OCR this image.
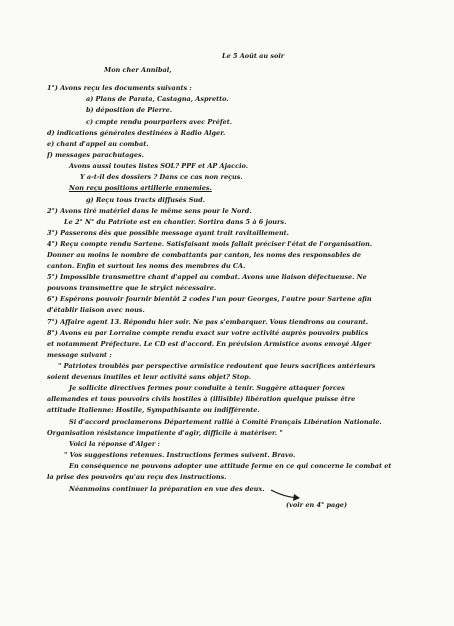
Le 5 Août au soir
Mon cher Annibal,
1°) Avons reçu les documents suivants :
a) Plans de Parata, Castagna, Aspretto.
b) déposition de Pierre.
c) cmpte rendu pourparlers avec Préfet.
d) indications générales destinées à Radio Alger.
e) chant d'appel au combat.
f) messages parachutages.
Avons aussi toutes listes SOL? PPF et AP Ajaccio.
Y a-t-il des dossiers ? Dans ce cas non reçus.
Non reçu positions artillerie ennemies.
g) Reçu tous tracts diffusés Sud.
2°) Avons tiré matériel dans le même sens pour le Nord.
Le 2° N° du Patriote est en chantier. Sortira dans 5 à 6 jours.
3°) Passerons dès que possible message ayant trait ravitaillement.
4°) Reçu compte rendu Sartene. Satisfaisant mois fallait préciser l'état de l'organisation.
Donner au moins le nombre de combattants par canton, les noms des responsables de
canton. Enfin et surtout les noms des membres du CA.
5°) Impossible transmettre chant d'appel au combat. Avons une liaison défectueuse. Ne
pouvons transmettre que le stryict nécessaire.
6°) Espérons pouvoir fournir bientôt 2 codes l'un pour Georges, l'autre pour Sartene afin
d'établir liaison avec nous.
7°) Affaire agent 13. Répondu hier soir. Ne pas s'embarquer. Vous tiendrons au courant.
8°) Avons eu par Lorraine compte rendu exact sur votre activité auprès pouvoirs publics
et notamment Préfecture. Le CD est d'accord. En prévision Armistice avons envoyé Alger
message suivant :
" Patriotes troublés par perspective armistice redoutent que leurs sacrifices antérieurs
soient devenus inutiles et leur activité sans objet? Stop.
Je sollicite directives fermes pour conduite à tenir. Suggère attaquer forces
allemandes et tous pouvoirs civils hostiles à (illisible) libération quelque puisse être
attitude Italienne: Hostile, Sympathisante ou indifférente.
Si d'accord proclamerons Département rallié à Comité Français Libération Nationale.
Organisation résistance impatiente d'agir, difficile à matériser. "
Voici la réponse d'Alger :
" Vos suggestions retenues. Instructions fermes suivent. Bravo.
En conséquence ne pouvons adopter une attitude ferme en ce qui concerne le combat et
la prise des pouvoirs qu'au reçu des instructions.
Néanmoins continuer la préparation en vue des deux.
(voir en 4° page)
